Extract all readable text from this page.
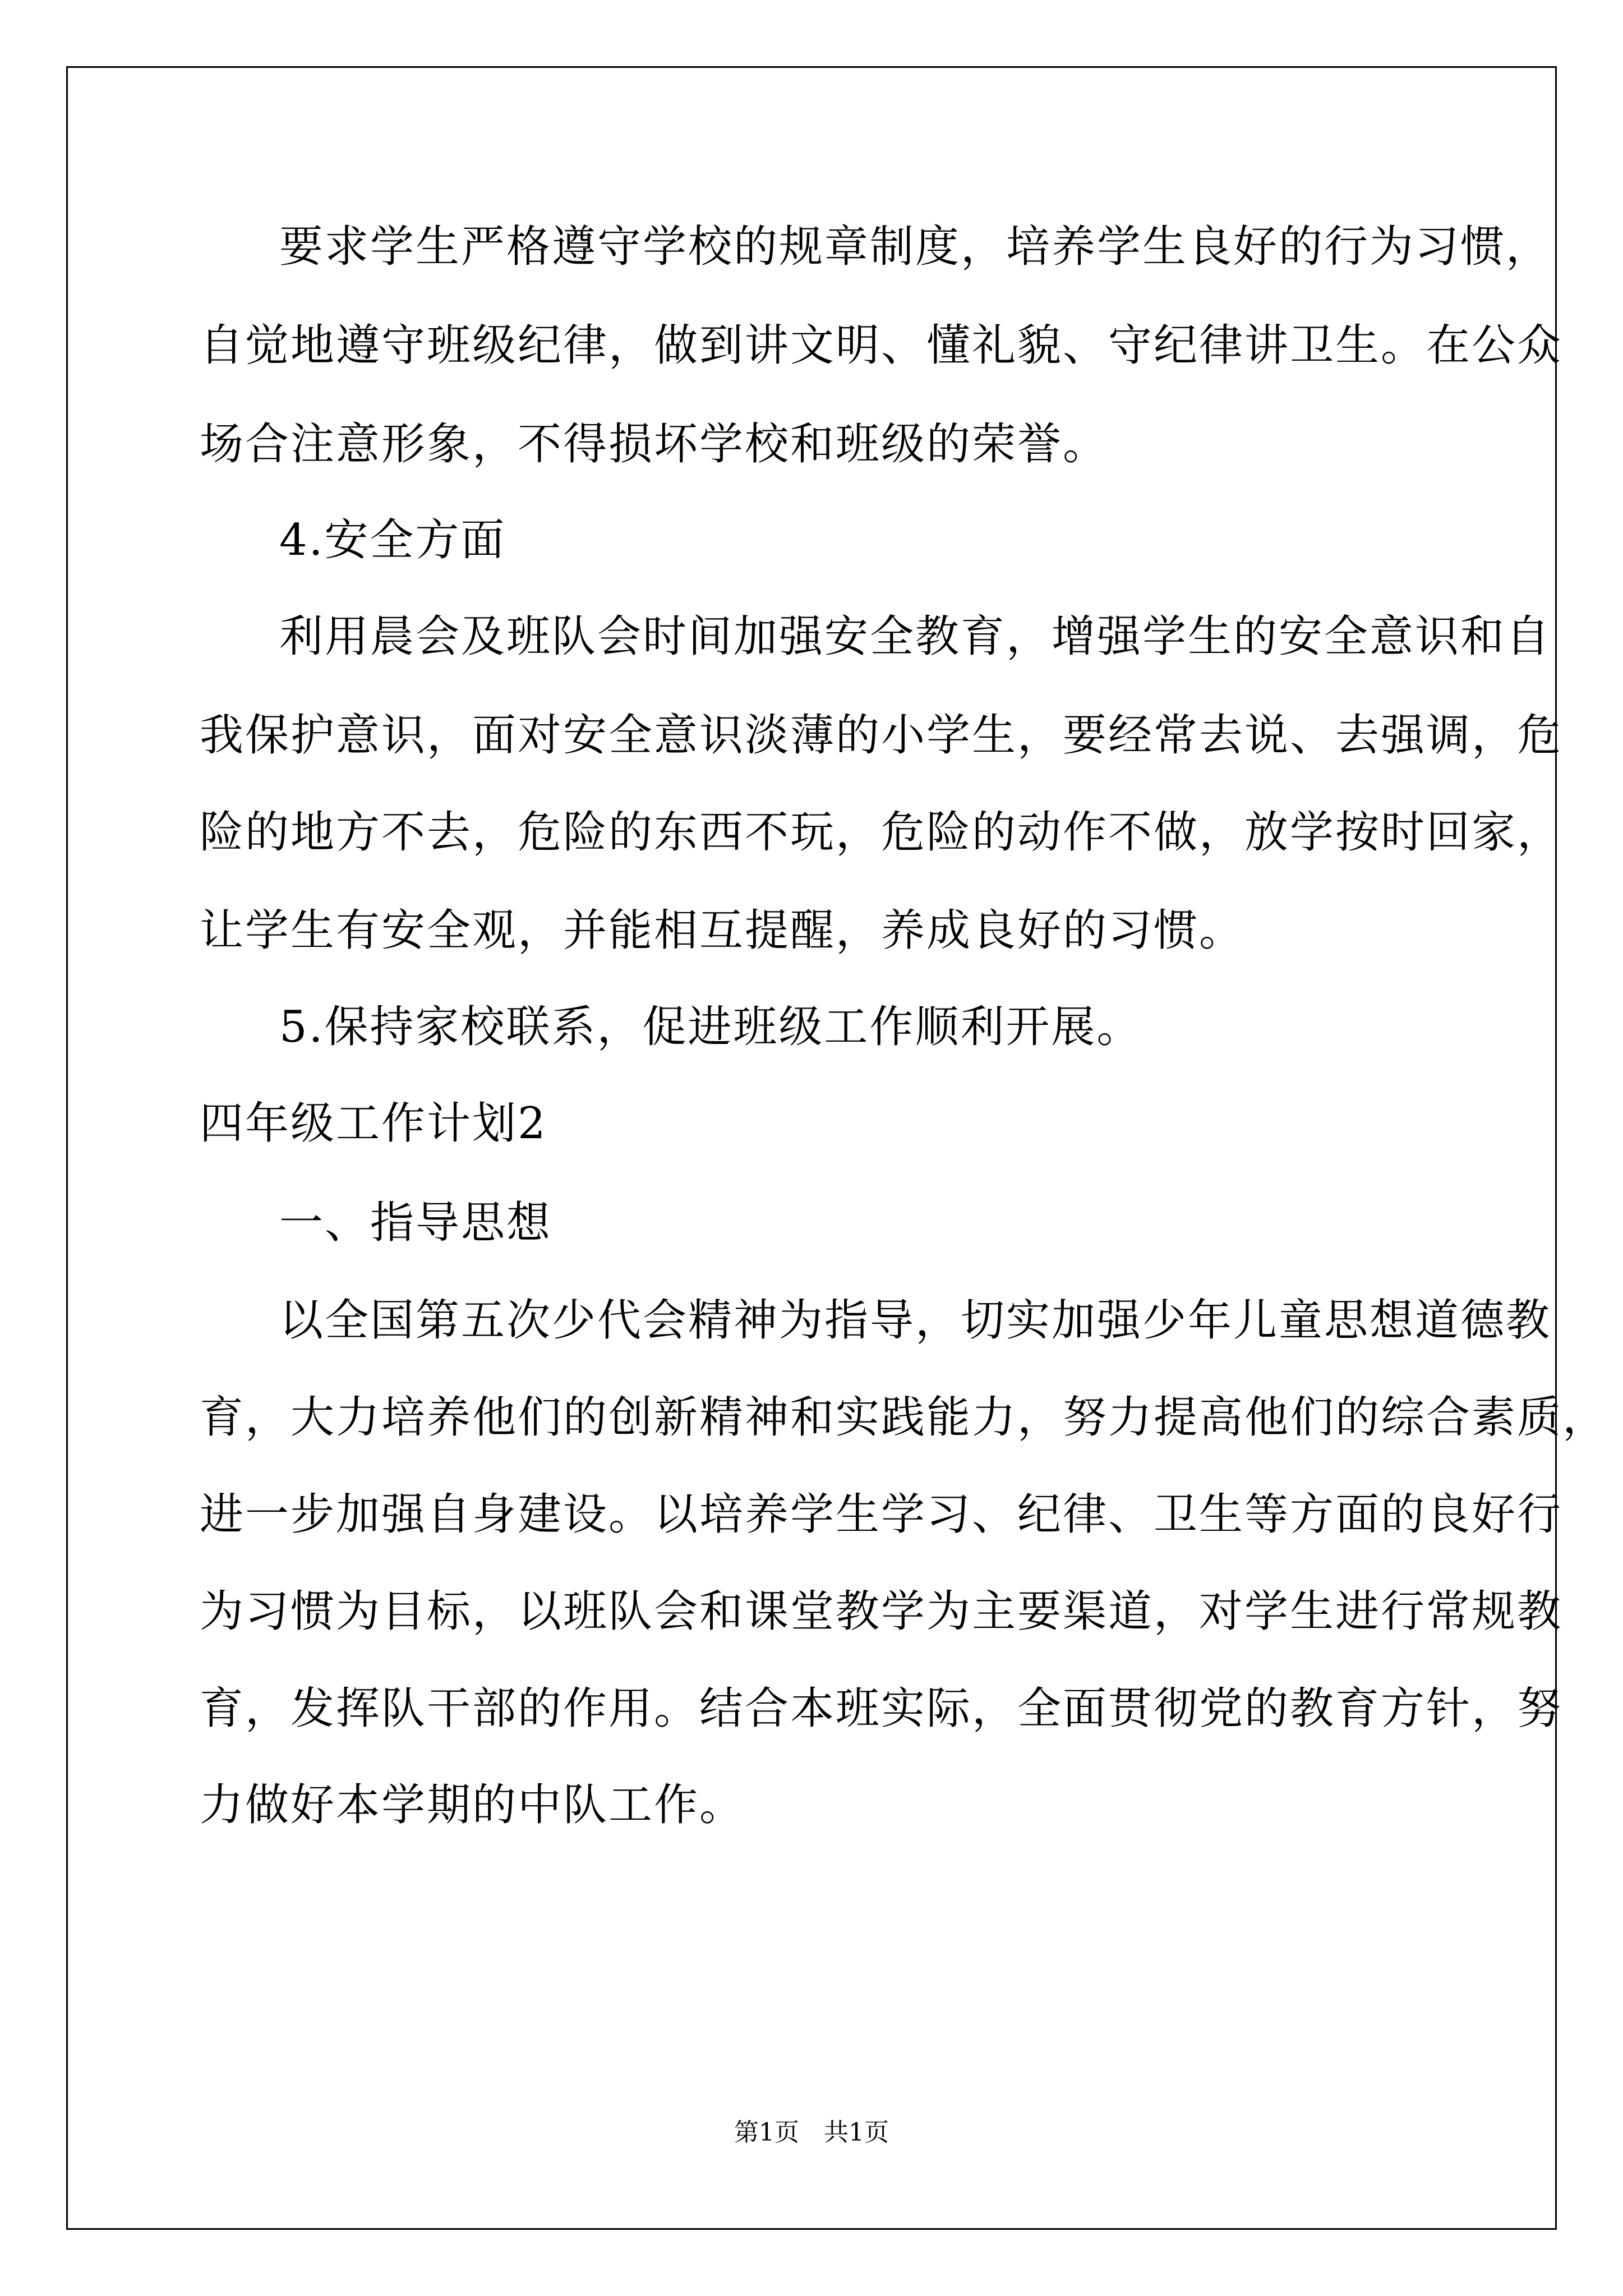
要求学生严格遵守学校的规章制度，培养学生良好的行为习惯，
自觉地遵守班级纪律，做到讲文明、懂礼貌、守纪律讲卫生。在公众
场合注意形象，不得损坏学校和班级的荣誉。
4.安全方面
利用晨会及班队会时间加强安全教育，增强学生的安全意识和自
我保护意识，面对安全意识淡薄的小学生，要经常去说、去强调，危
险的地方不去，危险的东西不玩，危险的动作不做，放学按时回家，
让学生有安全观，并能相互提醒，养成良好的习惯。
5.保持家校联系，促进班级工作顺利开展。
四年级工作计划2
一、指导思想
以全国第五次少代会精神为指导，切实加强少年儿童思想道德教
育，大力培养他们的创新精神和实践能力，努力提高他们的综合素质，
进一步加强自身建设。以培养学生学习、纪律、卫生等方面的良好行
为习惯为目标，以班队会和课堂教学为主要渠道，对学生进行常规教
育，发挥队干部的作用。结合本班实际，全面贯彻党的教育方针，努
力做好本学期的中队工作。
第1页　共1页
